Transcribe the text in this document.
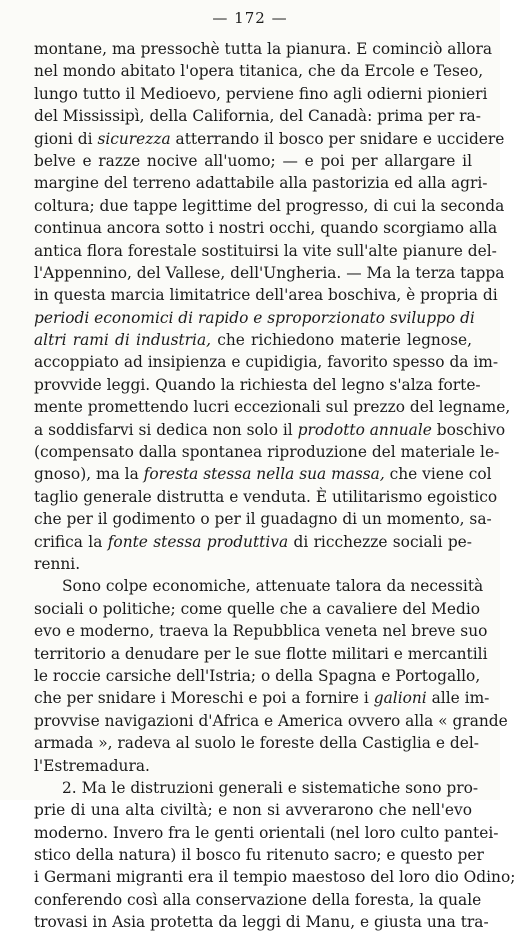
— 172 —
montane, ma pressochè tutta la pianura. E cominciò allora
nel mondo abitato l'opera titanica, che da Ercole e Teseo,
lungo tutto il Medioevo, perviene fino agli odierni pionieri
del Mississipì, della California, del Canadà: prima per ra-
gioni di sicurezza atterrando il bosco per snidare e uccidere
belve e razze nocive all'uomo; — e poi per allargare il
margine del terreno adattabile alla pastorizia ed alla agri-
coltura; due tappe legittime del progresso, di cui la seconda
continua ancora sotto i nostri occhi, quando scorgiamo alla
antica flora forestale sostituirsi la vite sull'alte pianure del-
l'Appennino, del Vallese, dell'Ungheria. — Ma la terza tappa
in questa marcia limitatrice dell'area boschiva, è propria di
periodi economici di rapido e sproporzionato sviluppo di
altri rami di industria, che richiedono materie legnose,
accoppiato ad insipienza e cupidigia, favorito spesso da im-
provvide leggi. Quando la richiesta del legno s'alza forte-
mente promettendo lucri eccezionali sul prezzo del legname,
a soddisfarvi si dedica non solo il prodotto annuale boschivo
(compensato dalla spontanea riproduzione del materiale le-
gnoso), ma la foresta stessa nella sua massa, che viene col
taglio generale distrutta e venduta. È utilitarismo egoistico
che per il godimento o per il guadagno di un momento, sa-
crifica la fonte stessa produttiva di ricchezze sociali pe-
renni.
Sono colpe economiche, attenuate talora da necessità
sociali o politiche; come quelle che a cavaliere del Medio
evo e moderno, traeva la Repubblica veneta nel breve suo
territorio a denudare per le sue flotte militari e mercantili
le roccie carsiche dell'Istria; o della Spagna e Portogallo,
che per snidare i Moreschi e poi a fornire i galioni alle im-
provvise navigazioni d'Africa e America ovvero alla « grande
armada », radeva al suolo le foreste della Castiglia e del-
l'Estremadura.
2. Ma le distruzioni generali e sistematiche sono pro-
prie di una alta civiltà; e non si avverarono che nell'evo
moderno. Invero fra le genti orientali (nel loro culto pantei-
stico della natura) il bosco fu ritenuto sacro; e questo per
i Germani migranti era il tempio maestoso del loro dio Odino;
conferendo così alla conservazione della foresta, la quale
trovasi in Asia protetta da leggi di Manu, e giusta una tra-
